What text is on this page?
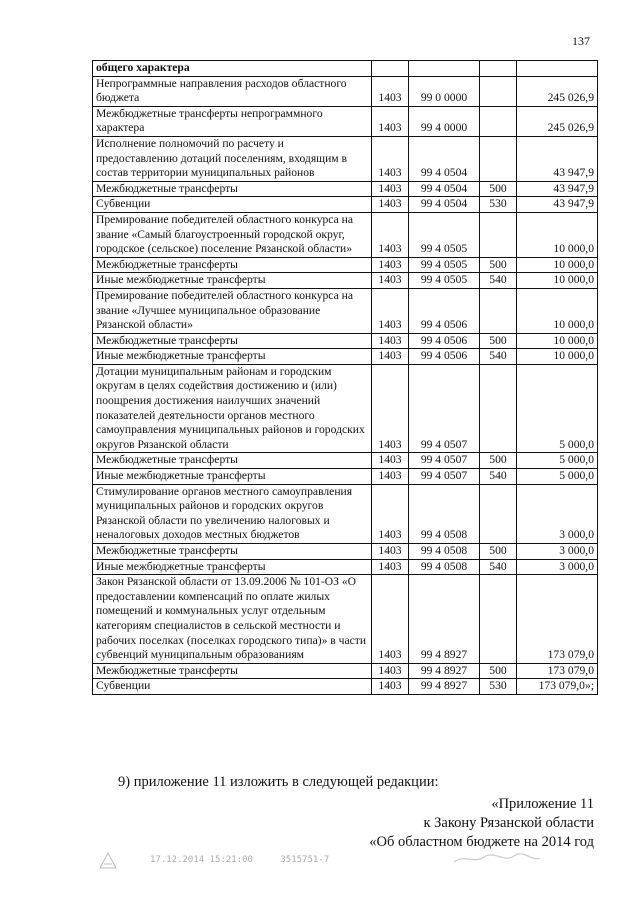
137
общего характера				
Непрограммные направления расходов областного бюджета	1403	99 0 0000		245 026,9
Межбюджетные трансферты непрограммного характера	1403	99 4 0000		245 026,9
Исполнение полномочий по расчету и предоставлению дотаций поселениям, входящим в состав территории муниципальных районов	1403	99 4 0504		43 947,9
Межбюджетные трансферты	1403	99 4 0504	500	43 947,9
Субвенции	1403	99 4 0504	530	43 947,9
Премирование победителей областного конкурса на звание «Самый благоустроенный городской округ, городское (сельское) поселение Рязанской области»	1403	99 4 0505		10 000,0
Межбюджетные трансферты	1403	99 4 0505	500	10 000,0
Иные межбюджетные трансферты	1403	99 4 0505	540	10 000,0
Премирование победителей областного конкурса на звание «Лучшее муниципальное образование Рязанской области»	1403	99 4 0506		10 000,0
Межбюджетные трансферты	1403	99 4 0506	500	10 000,0
Иные межбюджетные трансферты	1403	99 4 0506	540	10 000,0
Дотации муниципальным районам и городским округам в целях содействия достижению и (или) поощрения достижения наилучших значений показателей деятельности органов местного самоуправления муниципальных районов и городских округов Рязанской области	1403	99 4 0507		5 000,0
Межбюджетные трансферты	1403	99 4 0507	500	5 000,0
Иные межбюджетные трансферты	1403	99 4 0507	540	5 000,0
Стимулирование органов местного самоуправления муниципальных районов и городских округов Рязанской области по увеличению налоговых и неналоговых доходов местных бюджетов	1403	99 4 0508		3 000,0
Межбюджетные трансферты	1403	99 4 0508	500	3 000,0
Иные межбюджетные трансферты	1403	99 4 0508	540	3 000,0
Закон Рязанской области от 13.09.2006 № 101-ОЗ «О предоставлении компенсаций по оплате жилых помещений и коммунальных услуг отдельным категориям специалистов в сельской местности и рабочих поселках (поселках городского типа)» в части субвенций муниципальным образованиям	1403	99 4 8927		173 079,0
Межбюджетные трансферты	1403	99 4 8927	500	173 079,0
Субвенции	1403	99 4 8927	530	173 079,0»;
9) приложение 11 изложить в следующей редакции:
«Приложение 11
к Закону Рязанской области
«Об областном бюджете на 2014 год
17.12.2014 15:21:00	3515751-7
